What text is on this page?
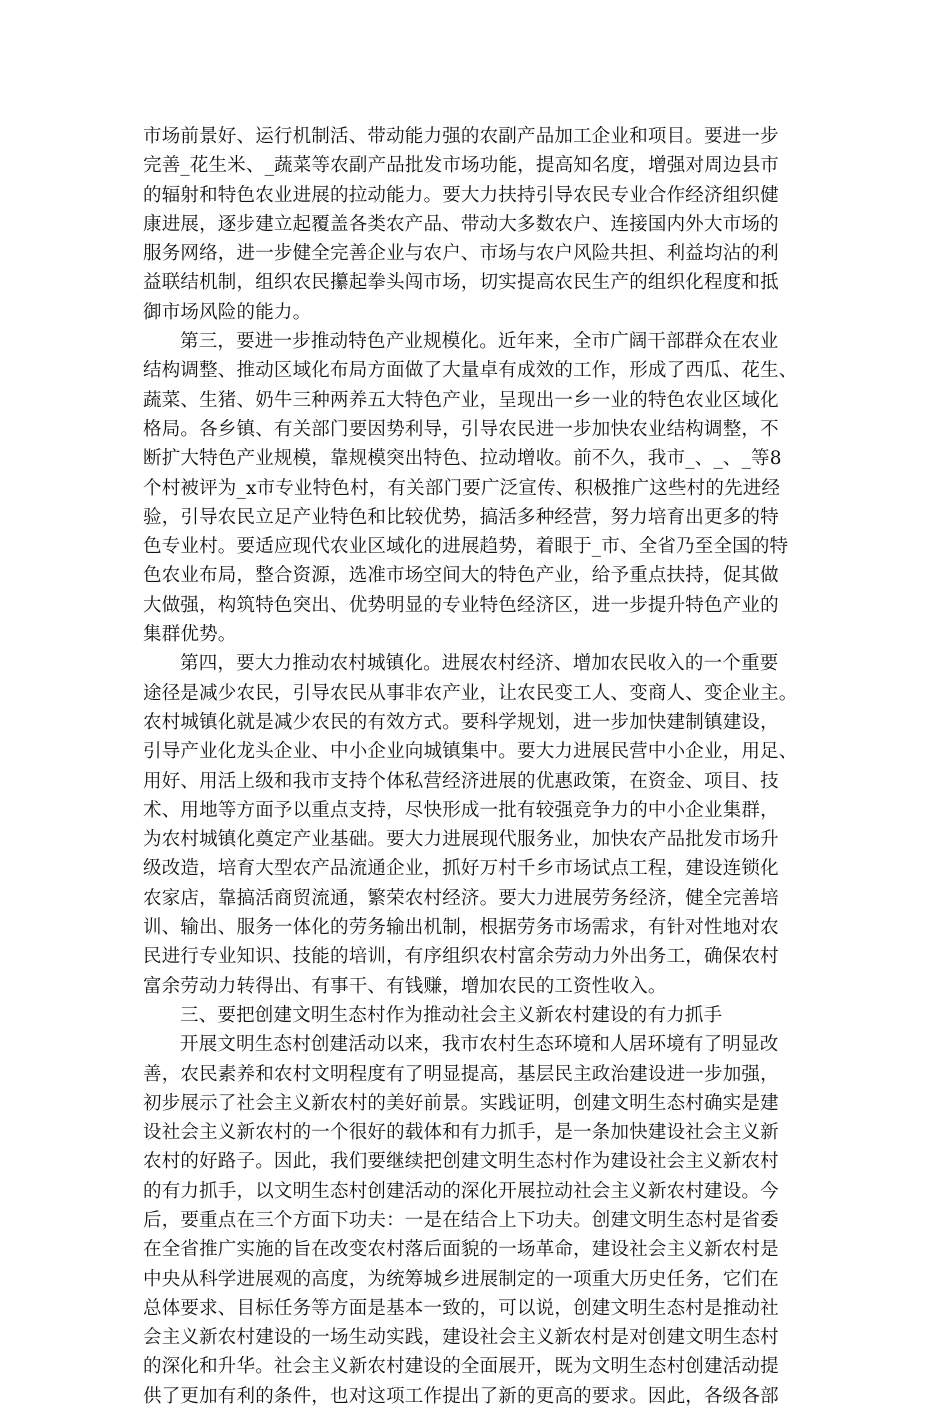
市场前景好、运行机制活、带动能力强的农副产品加工企业和项目。要进一步
完善_花生米、_蔬菜等农副产品批发市场功能，提高知名度，增强对周边县市
的辐射和特色农业进展的拉动能力。要大力扶持引导农民专业合作经济组织健
康进展，逐步建立起覆盖各类农产品、带动大多数农户、连接国内外大市场的
服务网络，进一步健全完善企业与农户、市场与农户风险共担、利益均沾的利
益联结机制，组织农民攥起拳头闯市场，切实提高农民生产的组织化程度和抵
御市场风险的能力。
第三，要进一步推动特色产业规模化。近年来，全市广阔干部群众在农业
结构调整、推动区域化布局方面做了大量卓有成效的工作，形成了西瓜、花生、
蔬菜、生猪、奶牛三种两养五大特色产业，呈现出一乡一业的特色农业区域化
格局。各乡镇、有关部门要因势利导，引导农民进一步加快农业结构调整，不
断扩大特色产业规模，靠规模突出特色、拉动增收。前不久，我市_、_、_等8
个村被评为_x市专业特色村，有关部门要广泛宣传、积极推广这些村的先进经
验，引导农民立足产业特色和比较优势，搞活多种经营，努力培育出更多的特
色专业村。要适应现代农业区域化的进展趋势，着眼于_市、全省乃至全国的特
色农业布局，整合资源，选准市场空间大的特色产业，给予重点扶持，促其做
大做强，构筑特色突出、优势明显的专业特色经济区，进一步提升特色产业的
集群优势。
第四，要大力推动农村城镇化。进展农村经济、增加农民收入的一个重要
途径是减少农民，引导农民从事非农产业，让农民变工人、变商人、变企业主。
农村城镇化就是减少农民的有效方式。要科学规划，进一步加快建制镇建设，
引导产业化龙头企业、中小企业向城镇集中。要大力进展民营中小企业，用足、
用好、用活上级和我市支持个体私营经济进展的优惠政策，在资金、项目、技
术、用地等方面予以重点支持，尽快形成一批有较强竞争力的中小企业集群，
为农村城镇化奠定产业基础。要大力进展现代服务业，加快农产品批发市场升
级改造，培育大型农产品流通企业，抓好万村千乡市场试点工程，建设连锁化
农家店，靠搞活商贸流通，繁荣农村经济。要大力进展劳务经济，健全完善培
训、输出、服务一体化的劳务输出机制，根据劳务市场需求，有针对性地对农
民进行专业知识、技能的培训，有序组织农村富余劳动力外出务工，确保农村
富余劳动力转得出、有事干、有钱赚，增加农民的工资性收入。
三、要把创建文明生态村作为推动社会主义新农村建设的有力抓手
开展文明生态村创建活动以来，我市农村生态环境和人居环境有了明显改
善，农民素养和农村文明程度有了明显提高，基层民主政治建设进一步加强，
初步展示了社会主义新农村的美好前景。实践证明，创建文明生态村确实是建
设社会主义新农村的一个很好的载体和有力抓手，是一条加快建设社会主义新
农村的好路子。因此，我们要继续把创建文明生态村作为建设社会主义新农村
的有力抓手，以文明生态村创建活动的深化开展拉动社会主义新农村建设。今
后，要重点在三个方面下功夫：一是在结合上下功夫。创建文明生态村是省委
在全省推广实施的旨在改变农村落后面貌的一场革命，建设社会主义新农村是
中央从科学进展观的高度，为统筹城乡进展制定的一项重大历史任务，它们在
总体要求、目标任务等方面是基本一致的，可以说，创建文明生态村是推动社
会主义新农村建设的一场生动实践，建设社会主义新农村是对创建文明生态村
的深化和升华。社会主义新农村建设的全面展开，既为文明生态村创建活动提
供了更加有利的条件，也对这项工作提出了新的更高的要求。因此，各级各部
